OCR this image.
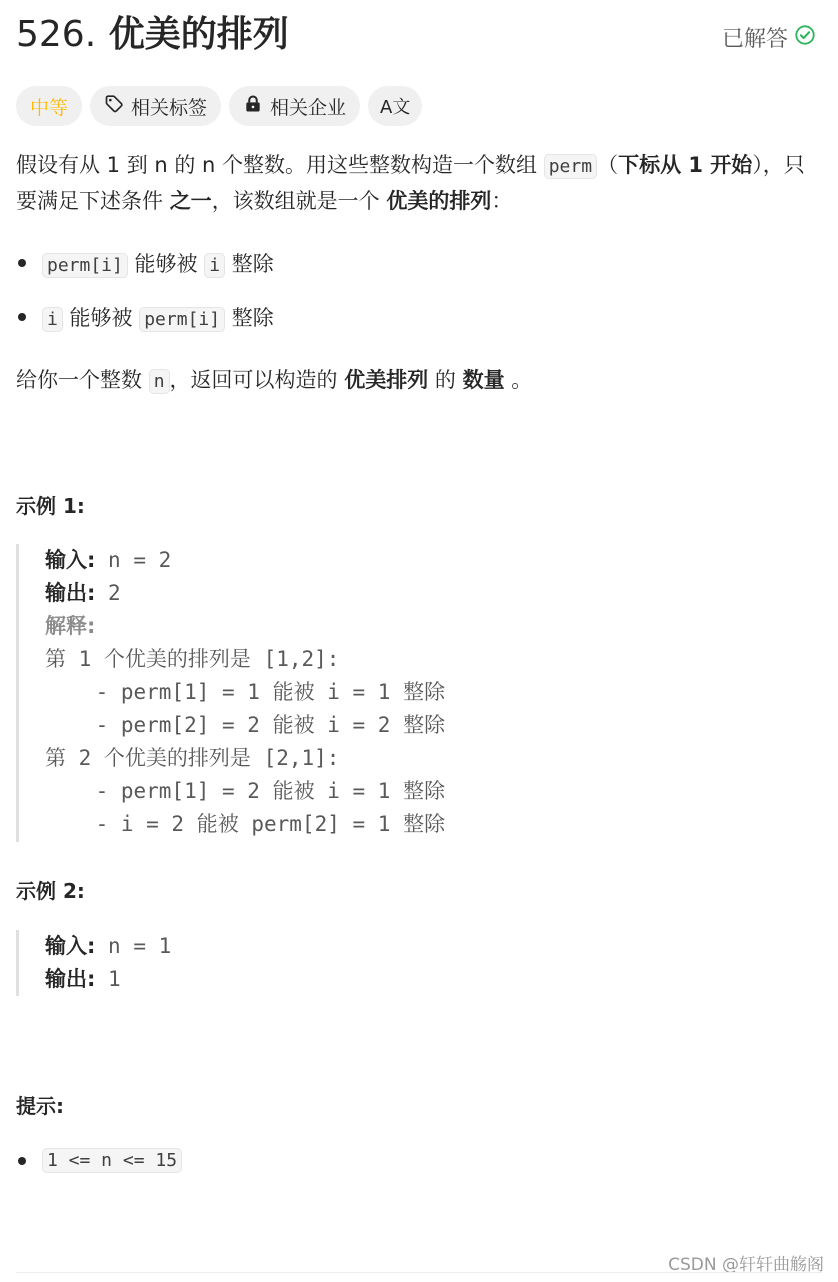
526. 优美的排列	已解答
中等	相关标签	相关企业 A文

假设有从 1 到 n 的 n 个整数。用这些整数构造一个数组 perm （下标从 1 开始），只要满足下述条件 之一，该数组就是一个 优美的排列：

perm[i] 能够被 i 整除
i 能够被 perm[i] 整除
给你一个整数 n ，返回可以构造的 优美排列 的 数量 。
示例 1:
输入: n = 2
输出: 2
解释:
第 1 个优美的排列是 [1,2]:
- perm[1] = 1 能被 i = 1 整除
- perm[2] = 2 能被 i = 2 整除
第 2 个优美的排列是 [2,1]:
- perm[1] = 2 能被 i = 1 整除
- i = 2 能被 perm[2] = 1 整除
示例 2:
输入: n = 1
输出: 1
提示:
1 <= n <= 15
CSDN @轩轩曲觞阁
